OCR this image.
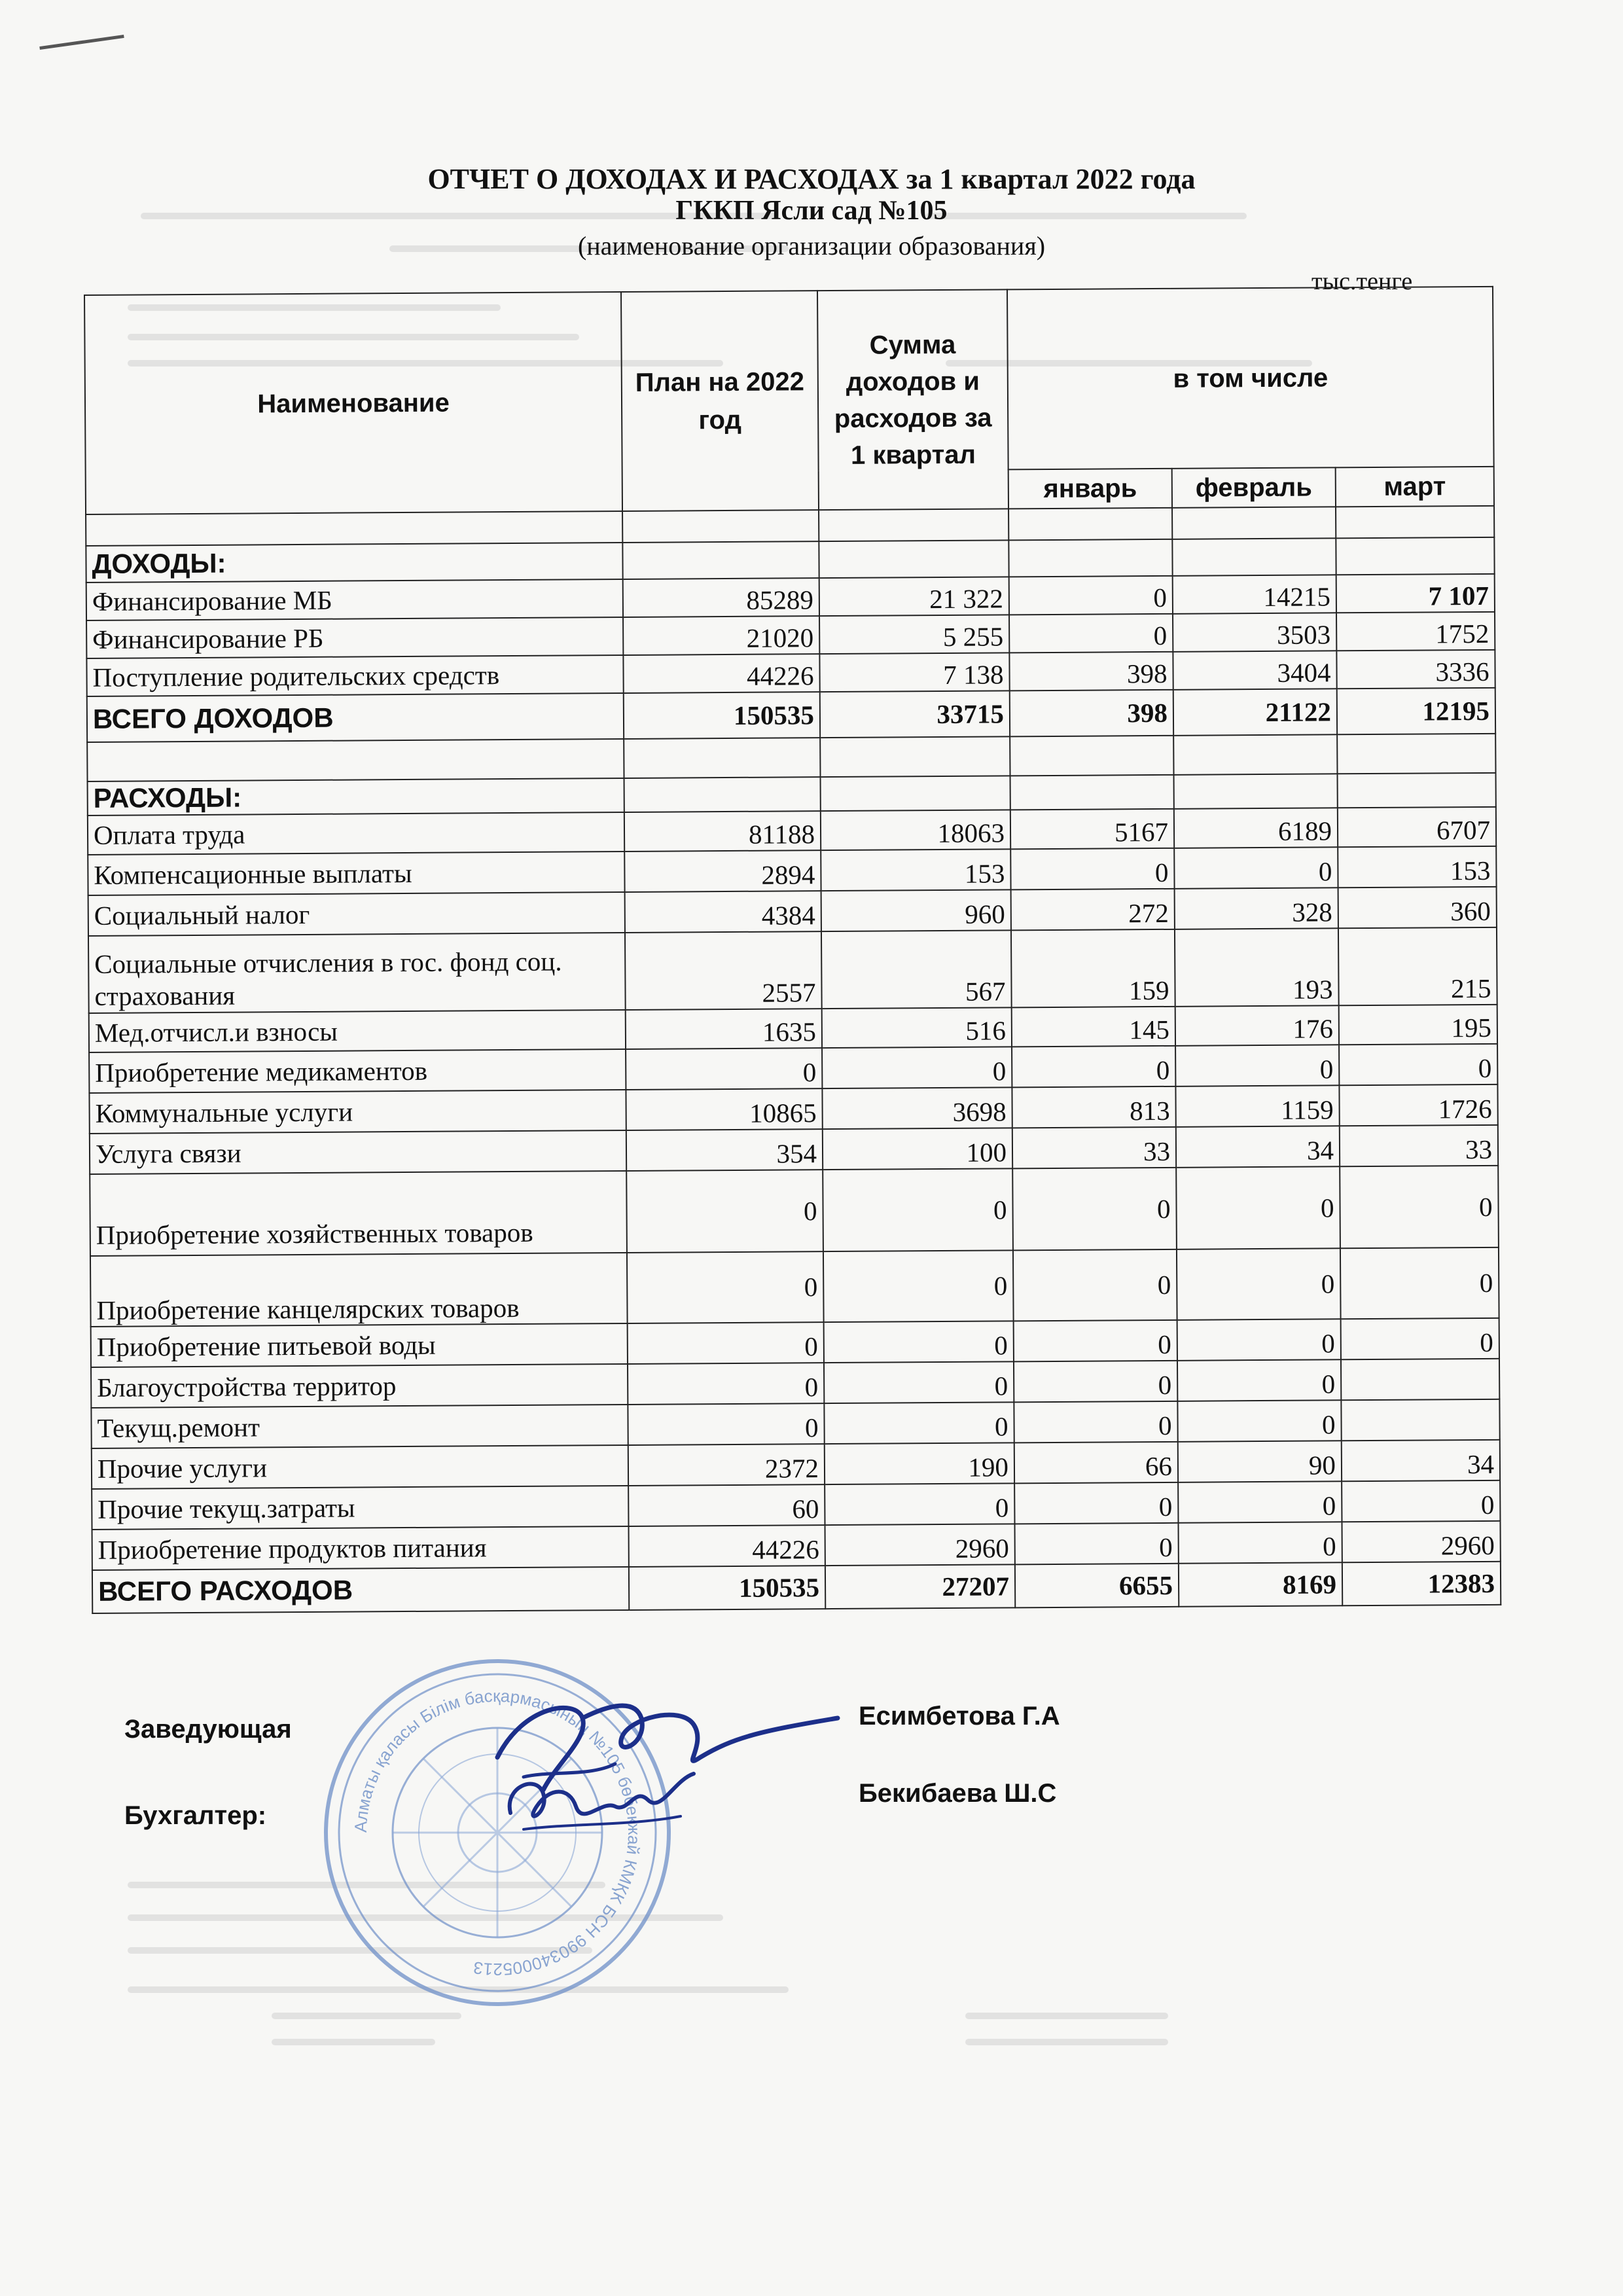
ОТЧЕТ О ДОХОДАХ И РАСХОДАХ за 1 квартал 2022 года
ГККП Ясли сад №105
(наименование организации образования)
тыс.тенге
Наименование	План на 2022 год	Сумма доходов и расходов за 1 квартал	в том числе		
			январь	февраль	март

ДОХОДЫ:					
Финансирование МБ	85289	21 322	0	14215	7 107
Финансирование РБ	21020	5 255	0	3503	1752
Поступление родительских средств	44226	7 138	398	3404	3336
ВСЕГО ДОХОДОВ	150535	33715	398	21122	12195

РАСХОДЫ:					
Оплата труда	81188	18063	5167	6189	6707
Компенсационные выплаты	2894	153	0	0	153
Социальный налог	4384	960	272	328	360
Социальные отчисления в гос. фонд соц. страхования	2557	567	159	193	215
Мед.отчисл.и взносы	1635	516	145	176	195
Приобретение медикаментов	0	0	0	0	0
Коммунальные услуги	10865	3698	813	1159	1726
Услуга связи	354	100	33	34	33
Приобретение хозяйственных товаров	0	0	0	0	0
Приобретение канцелярских товаров	0	0	0	0	0
Приобретение питьевой воды	0	0	0	0	0
Благоустройства территор	0	0	0	0	
Текущ.ремонт	0	0	0	0	
Прочие услуги	2372	190	66	90	34
Прочие текущ.затраты	60	0	0	0	0
Приобретение продуктов питания	44226	2960	0	0	2960
ВСЕГО РАСХОДОВ	150535	27207	6655	8169	12383
Алматы қаласы Білім басқармасының №105 бөбекжай КМҚК БСН 990340005213
Заведующая	Есимбетова Г.А
Бухгалтер:
Бекибаева Ш.С
